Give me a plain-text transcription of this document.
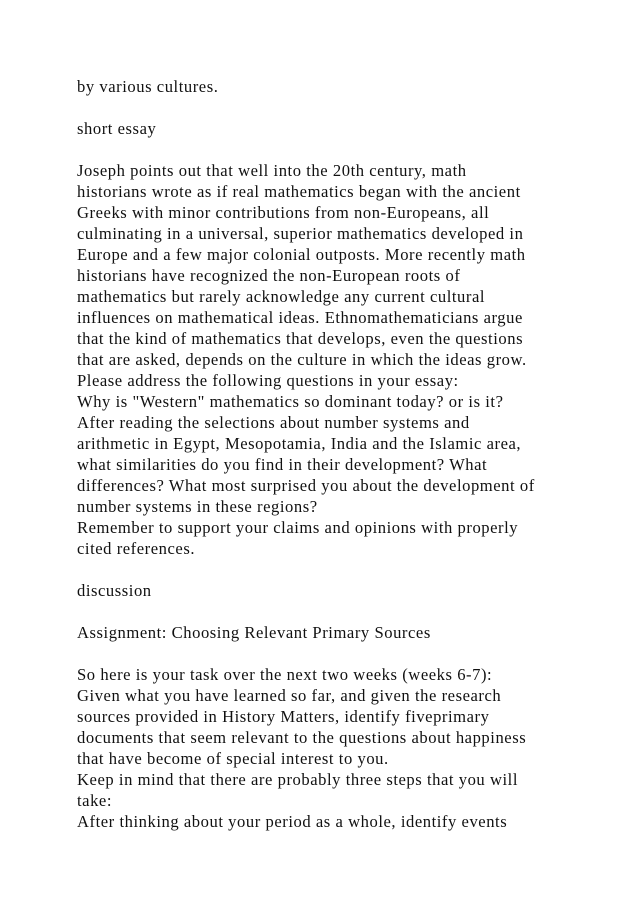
by various cultures.
short essay
Joseph points out that well into the 20th century, math
historians wrote as if real mathematics began with the ancient
Greeks with minor contributions from non-Europeans, all
culminating in a universal, superior mathematics developed in
Europe and a few major colonial outposts. More recently math
historians have recognized the non-European roots of
mathematics but rarely acknowledge any current cultural
influences on mathematical ideas. Ethnomathematicians argue
that the kind of mathematics that develops, even the questions
that are asked, depends on the culture in which the ideas grow.
Please address the following questions in your essay:
Why is "Western" mathematics so dominant today? or is it?
After reading the selections about number systems and
arithmetic in Egypt, Mesopotamia, India and the Islamic area,
what similarities do you find in their development? What
differences? What most surprised you about the development of
number systems in these regions?
Remember to support your claims and opinions with properly
cited references.
discussion
Assignment: Choosing Relevant Primary Sources
So here is your task over the next two weeks (weeks 6-7):
Given what you have learned so far, and given the research
sources provided in History Matters, identify fiveprimary
documents that seem relevant to the questions about happiness
that have become of special interest to you.
Keep in mind that there are probably three steps that you will
take:
After thinking about your period as a whole, identify events
